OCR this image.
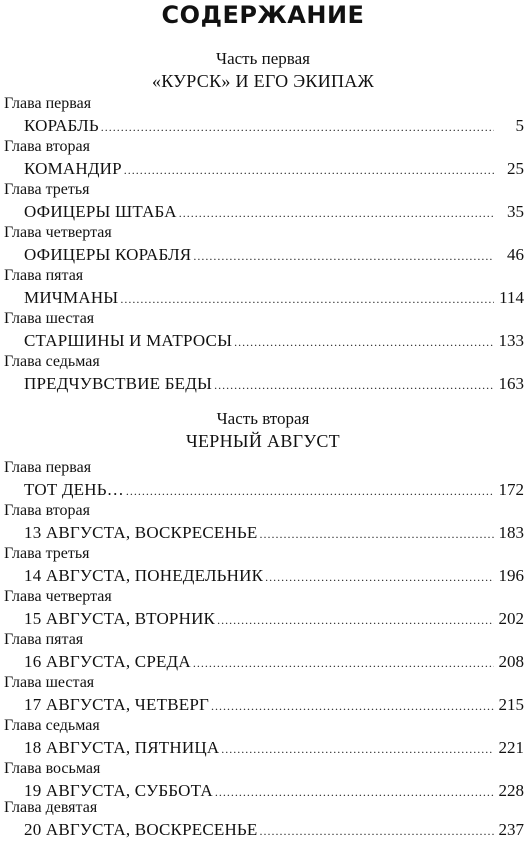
СОДЕРЖАНИЕ
Часть первая
«КУРСК» И ЕГО ЭКИПАЖ
Глава первая
КОРАБЛЬ .....	5
Глава вторая
КОМАНДИР .....	25
Глава третья
ОФИЦЕРЫ ШТАБА .....	35
Глава четвертая
ОФИЦЕРЫ КОРАБЛЯ .....	46
Глава пятая
МИЧМАНЫ .....	114
Глава шестая
СТАРШИНЫ И МАТРОСЫ .....	133
Глава седьмая
ПРЕДЧУВСТВИЕ БЕДЫ .....	163
Часть вторая
ЧЕРНЫЙ АВГУСТ
Глава первая
ТОТ ДЕНЬ… .....	172
Глава вторая
13 АВГУСТА, ВОСКРЕСЕНЬЕ .....	183
Глава третья
14 АВГУСТА, ПОНЕДЕЛЬНИК .....	196
Глава четвертая
15 АВГУСТА, ВТОРНИК .....	202
Глава пятая
16 АВГУСТА, СРЕДА .....	208
Глава шестая
17 АВГУСТА, ЧЕТВЕРГ .....	215
Глава седьмая
18 АВГУСТА, ПЯТНИЦА .....	221
Глава восьмая
19 АВГУСТА, СУББОТА .....	228
Глава девятая
20 АВГУСТА, ВОСКРЕСЕНЬЕ .....	237
